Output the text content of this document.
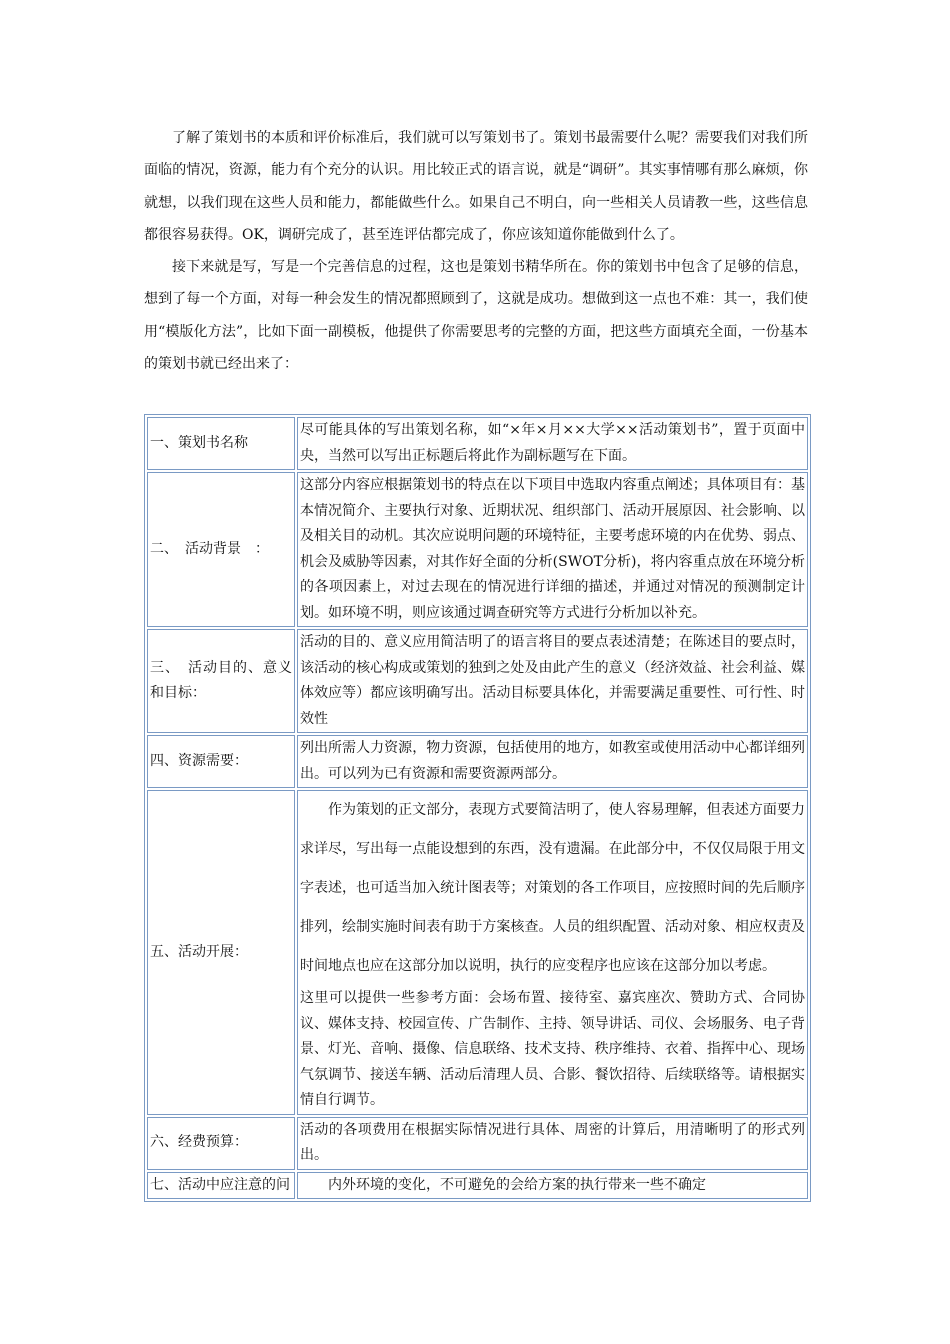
了解了策划书的本质和评价标准后，我们就可以写策划书了。策划书最需要什么呢？需要我们对我们所面临的情况，资源，能力有个充分的认识。用比较正式的语言说，就是“调研”。其实事情哪有那么麻烦，你就想，以我们现在这些人员和能力，都能做些什么。如果自己不明白，向一些相关人员请教一些，这些信息都很容易获得。OK，调研完成了，甚至连评估都完成了，你应该知道你能做到什么了。

接下来就是写，写是一个完善信息的过程，这也是策划书精华所在。你的策划书中包含了足够的信息，想到了每一个方面，对每一种会发生的情况都照顾到了，这就是成功。想做到这一点也不难：其一，我们使用“模版化方法”，比如下面一副模板，他提供了你需要思考的完整的方面，把这些方面填充全面，一份基本的策划书就已经出来了：

一、策划书名称	尽可能具体的写出策划名称，如“×年×月××大学××活动策划书”，置于页面中央，当然可以写出正标题后将此作为副标题写在下面。
二、　活动背景　：	这部分内容应根据策划书的特点在以下项目中选取内容重点阐述；具体项目有：基本情况简介、主要执行对象、近期状况、组织部门、活动开展原因、社会影响、以及相关目的动机。其次应说明问题的环境特征，主要考虑环境的内在优势、弱点、机会及威胁等因素，对其作好全面的分析(SWOT分析)，将内容重点放在环境分析的各项因素上，对过去现在的情况进行详细的描述，并通过对情况的预测制定计划。如环境不明，则应该通过调查研究等方式进行分析加以补充。
三、　活动目的、意义和目标：	活动的目的、意义应用简洁明了的语言将目的要点表述清楚；在陈述目的要点时，该活动的核心构成或策划的独到之处及由此产生的意义（经济效益、社会利益、媒体效应等）都应该明确写出。活动目标要具体化，并需要满足重要性、可行性、时效性
四、资源需要：	列出所需人力资源，物力资源，包括使用的地方，如教室或使用活动中心都详细列出。可以列为已有资源和需要资源两部分。
五、活动开展：	作为策划的正文部分，表现方式要简洁明了，使人容易理解，但表述方面要力求详尽，写出每一点能设想到的东西，没有遗漏。在此部分中，不仅仅局限于用文字表述，也可适当加入统计图表等；对策划的各工作项目，应按照时间的先后顺序排列，绘制实施时间表有助于方案核查。人员的组织配置、活动对象、相应权责及时间地点也应在这部分加以说明，执行的应变程序也应该在这部分加以考虑。

这里可以提供一些参考方面：会场布置、接待室、嘉宾座次、赞助方式、合同协议、媒体支持、校园宣传、广告制作、主持、领导讲话、司仪、会场服务、电子背景、灯光、音响、摄像、信息联络、技术支持、秩序维持、衣着、指挥中心、现场气氛调节、接送车辆、活动后清理人员、合影、餐饮招待、后续联络等。请根据实情自行调节。

六、经费预算：	活动的各项费用在根据实际情况进行具体、周密的计算后，用清晰明了的形式列出。
七、活动中应注意的问	内外环境的变化，不可避免的会给方案的执行带来一些不确定
